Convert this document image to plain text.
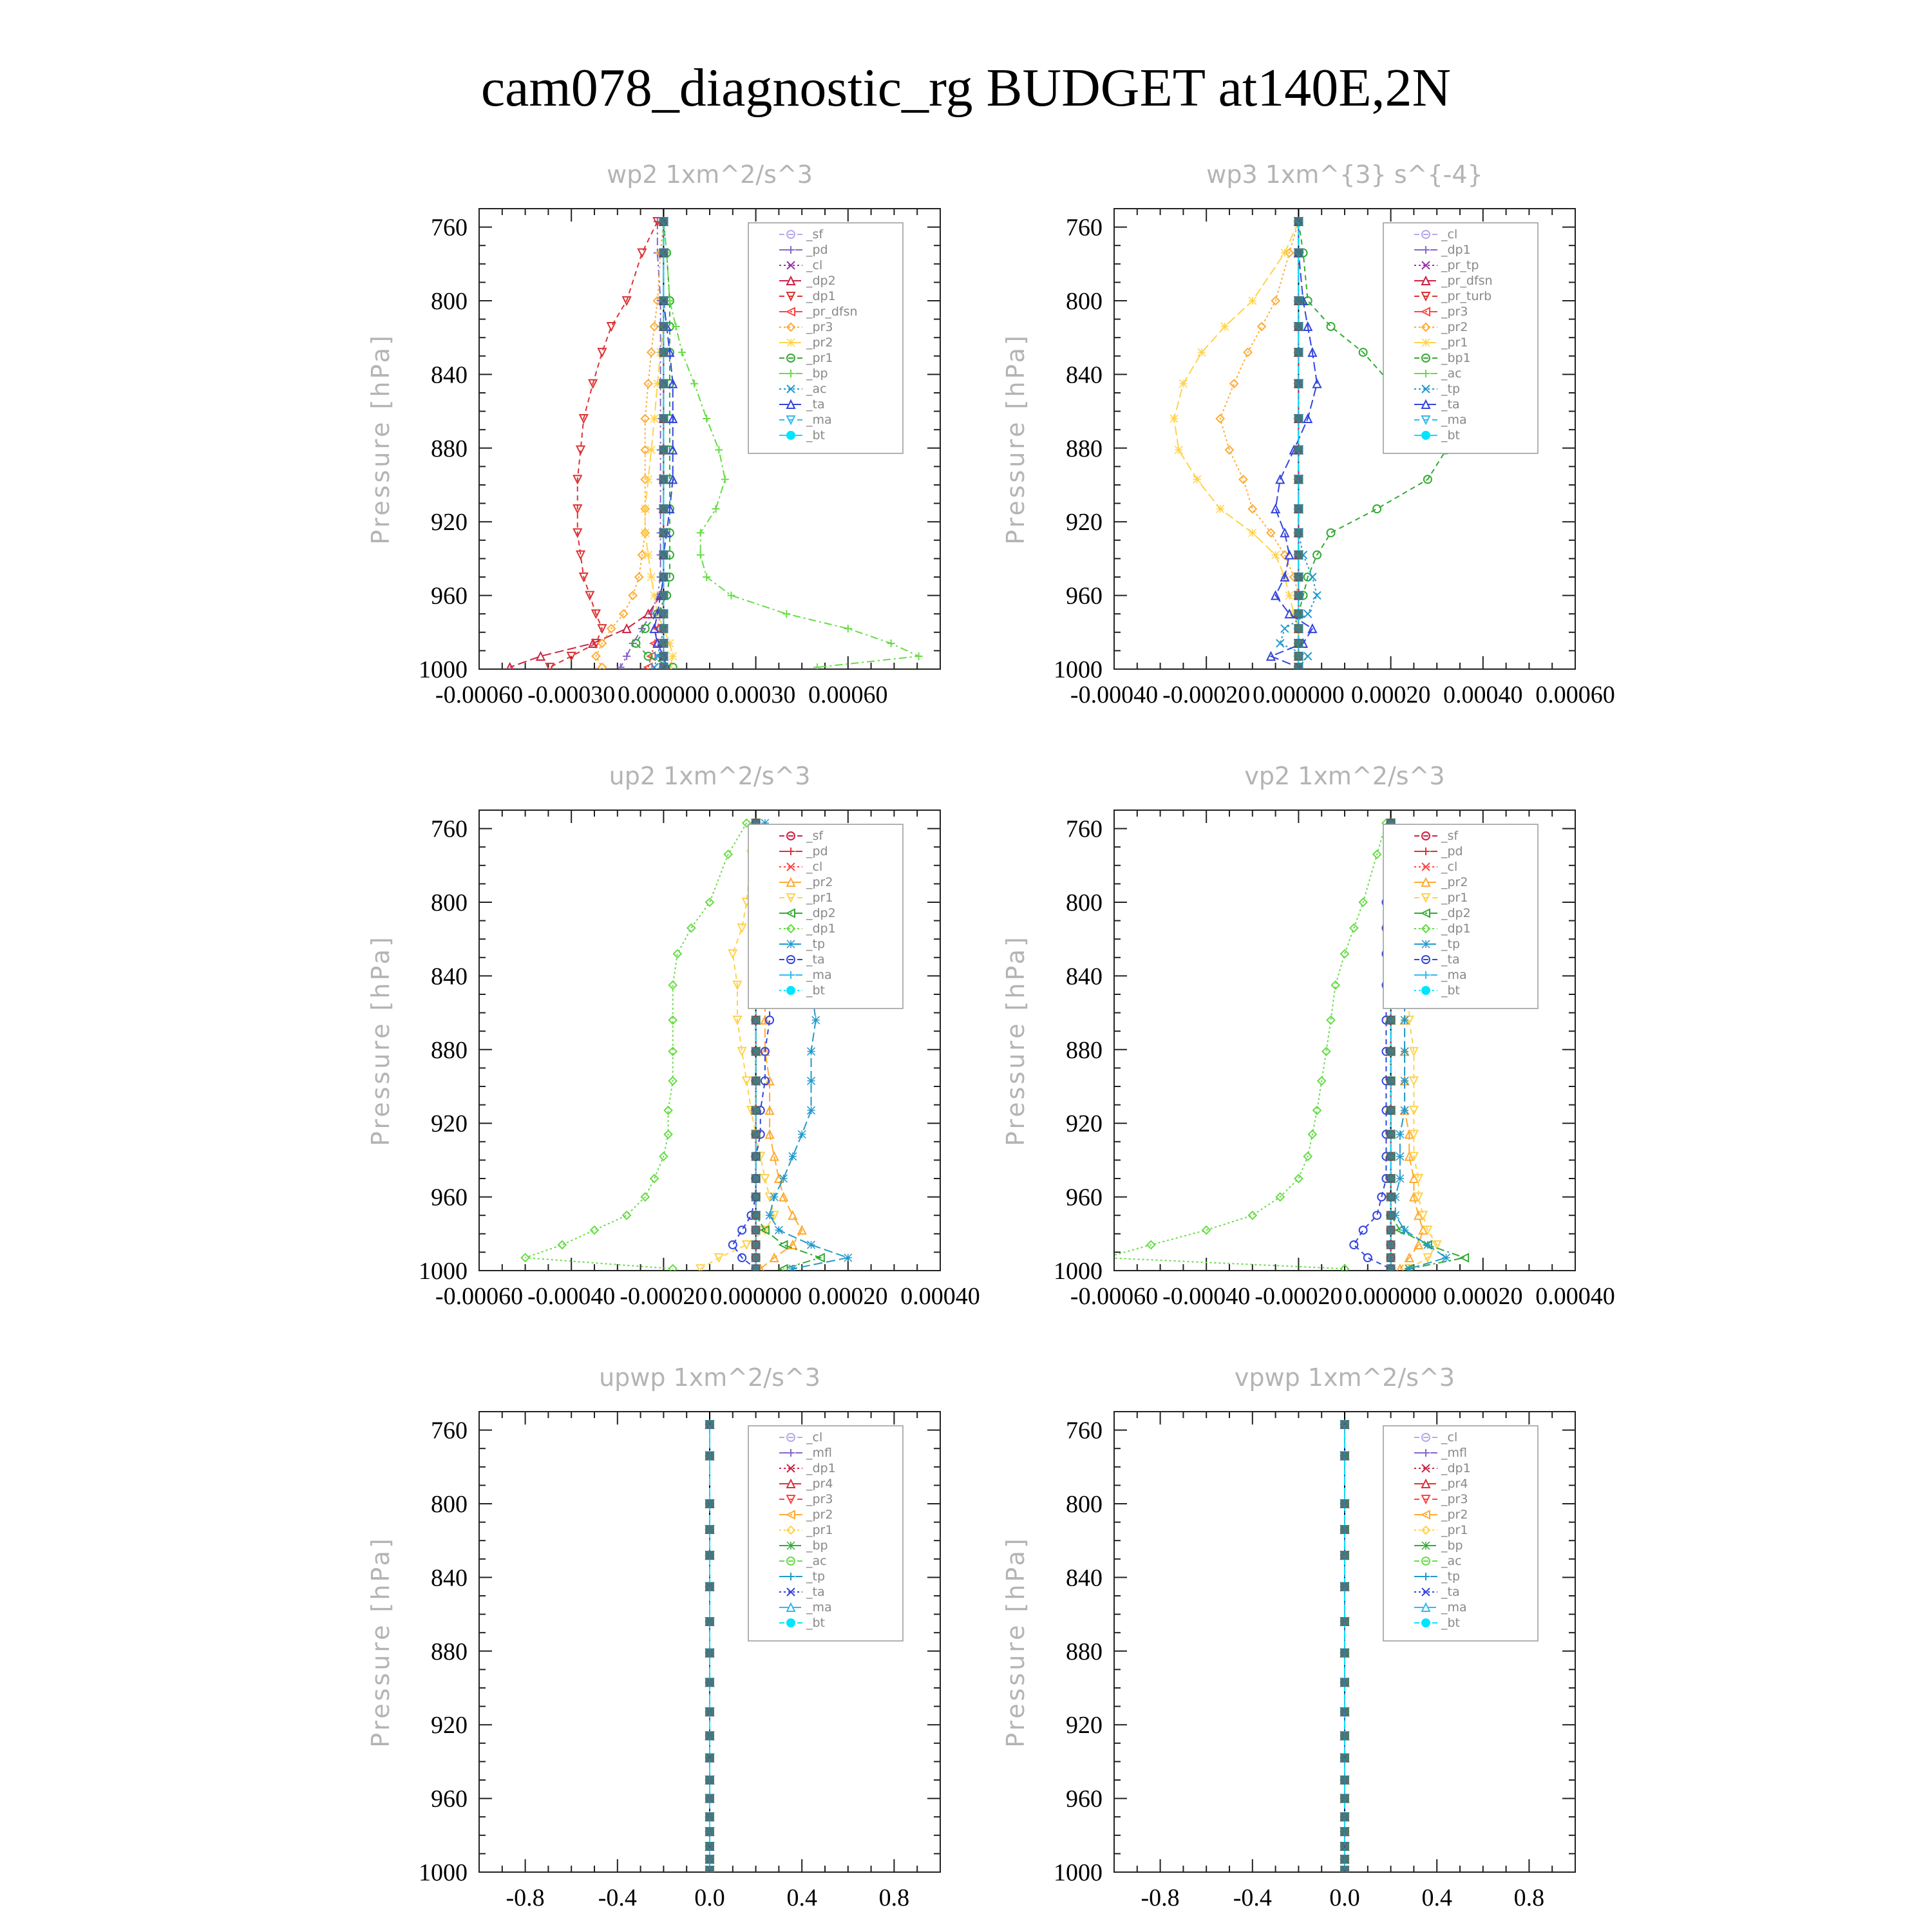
cam078_diagnostic_rg BUDGET at140E,2N
wp2 1xm^2/s^3
Pressure [hPa]
760
800
840
880
920
960
1000
-0.00060 -0.00030 0.000000 0.00030 0.00060
_sf
_pd
_cl
_dp2
_dp1
_pr_dfsn
_pr3
_pr2
_pr1
_bp
_ac
_ta
_ma
_bt
wp3 1xm^{3} s^{-4}
Pressure [hPa]
760
800
840
880
920
960
1000
-0.00040 -0.00020 0.000000 0.00020 0.00040 0.00060
_cl
_dp1
_pr_tp
_pr_dfsn
_pr_turb
_pr3
_pr2
_pr1
_bp1
_ac
_tp
_ta
_ma
_bt
up2 1xm^2/s^3
Pressure [hPa]
760
800
840
880
920
960
1000
-0.00060 -0.00040 -0.00020 0.000000 0.00020 0.00040
_sf
_pd
_cl
_pr2
_pr1
_dp2
_dp1
_tp
_ta
_ma
_bt
vp2 1xm^2/s^3
Pressure [hPa]
760
800
840
880
920
960
1000
-0.00060 -0.00040 -0.00020 0.000000 0.00020 0.00040
_sf
_pd
_cl
_pr2
_pr1
_dp2
_dp1
_tp
_ta
_ma
_bt
upwp 1xm^2/s^3
Pressure [hPa]
760
800
840
880
920
960
1000
-0.8 -0.4 0.0	0.4	0.8
_cl
_mfl
_dp1
_pr4
_pr3
_pr2
_pr1
_bp
_ac
_tp
_ta
_ma
_bt
vpwp 1xm^2/s^3
Pressure [hPa]
760
800
840
880
920
960
1000
-0.8 -0.4 0.0	0.4	0.8
_cl
_mfl
_dp1
_pr4
_pr3
_pr2
_pr1
_bp
_ac
_tp
_ta
_ma
_bt
